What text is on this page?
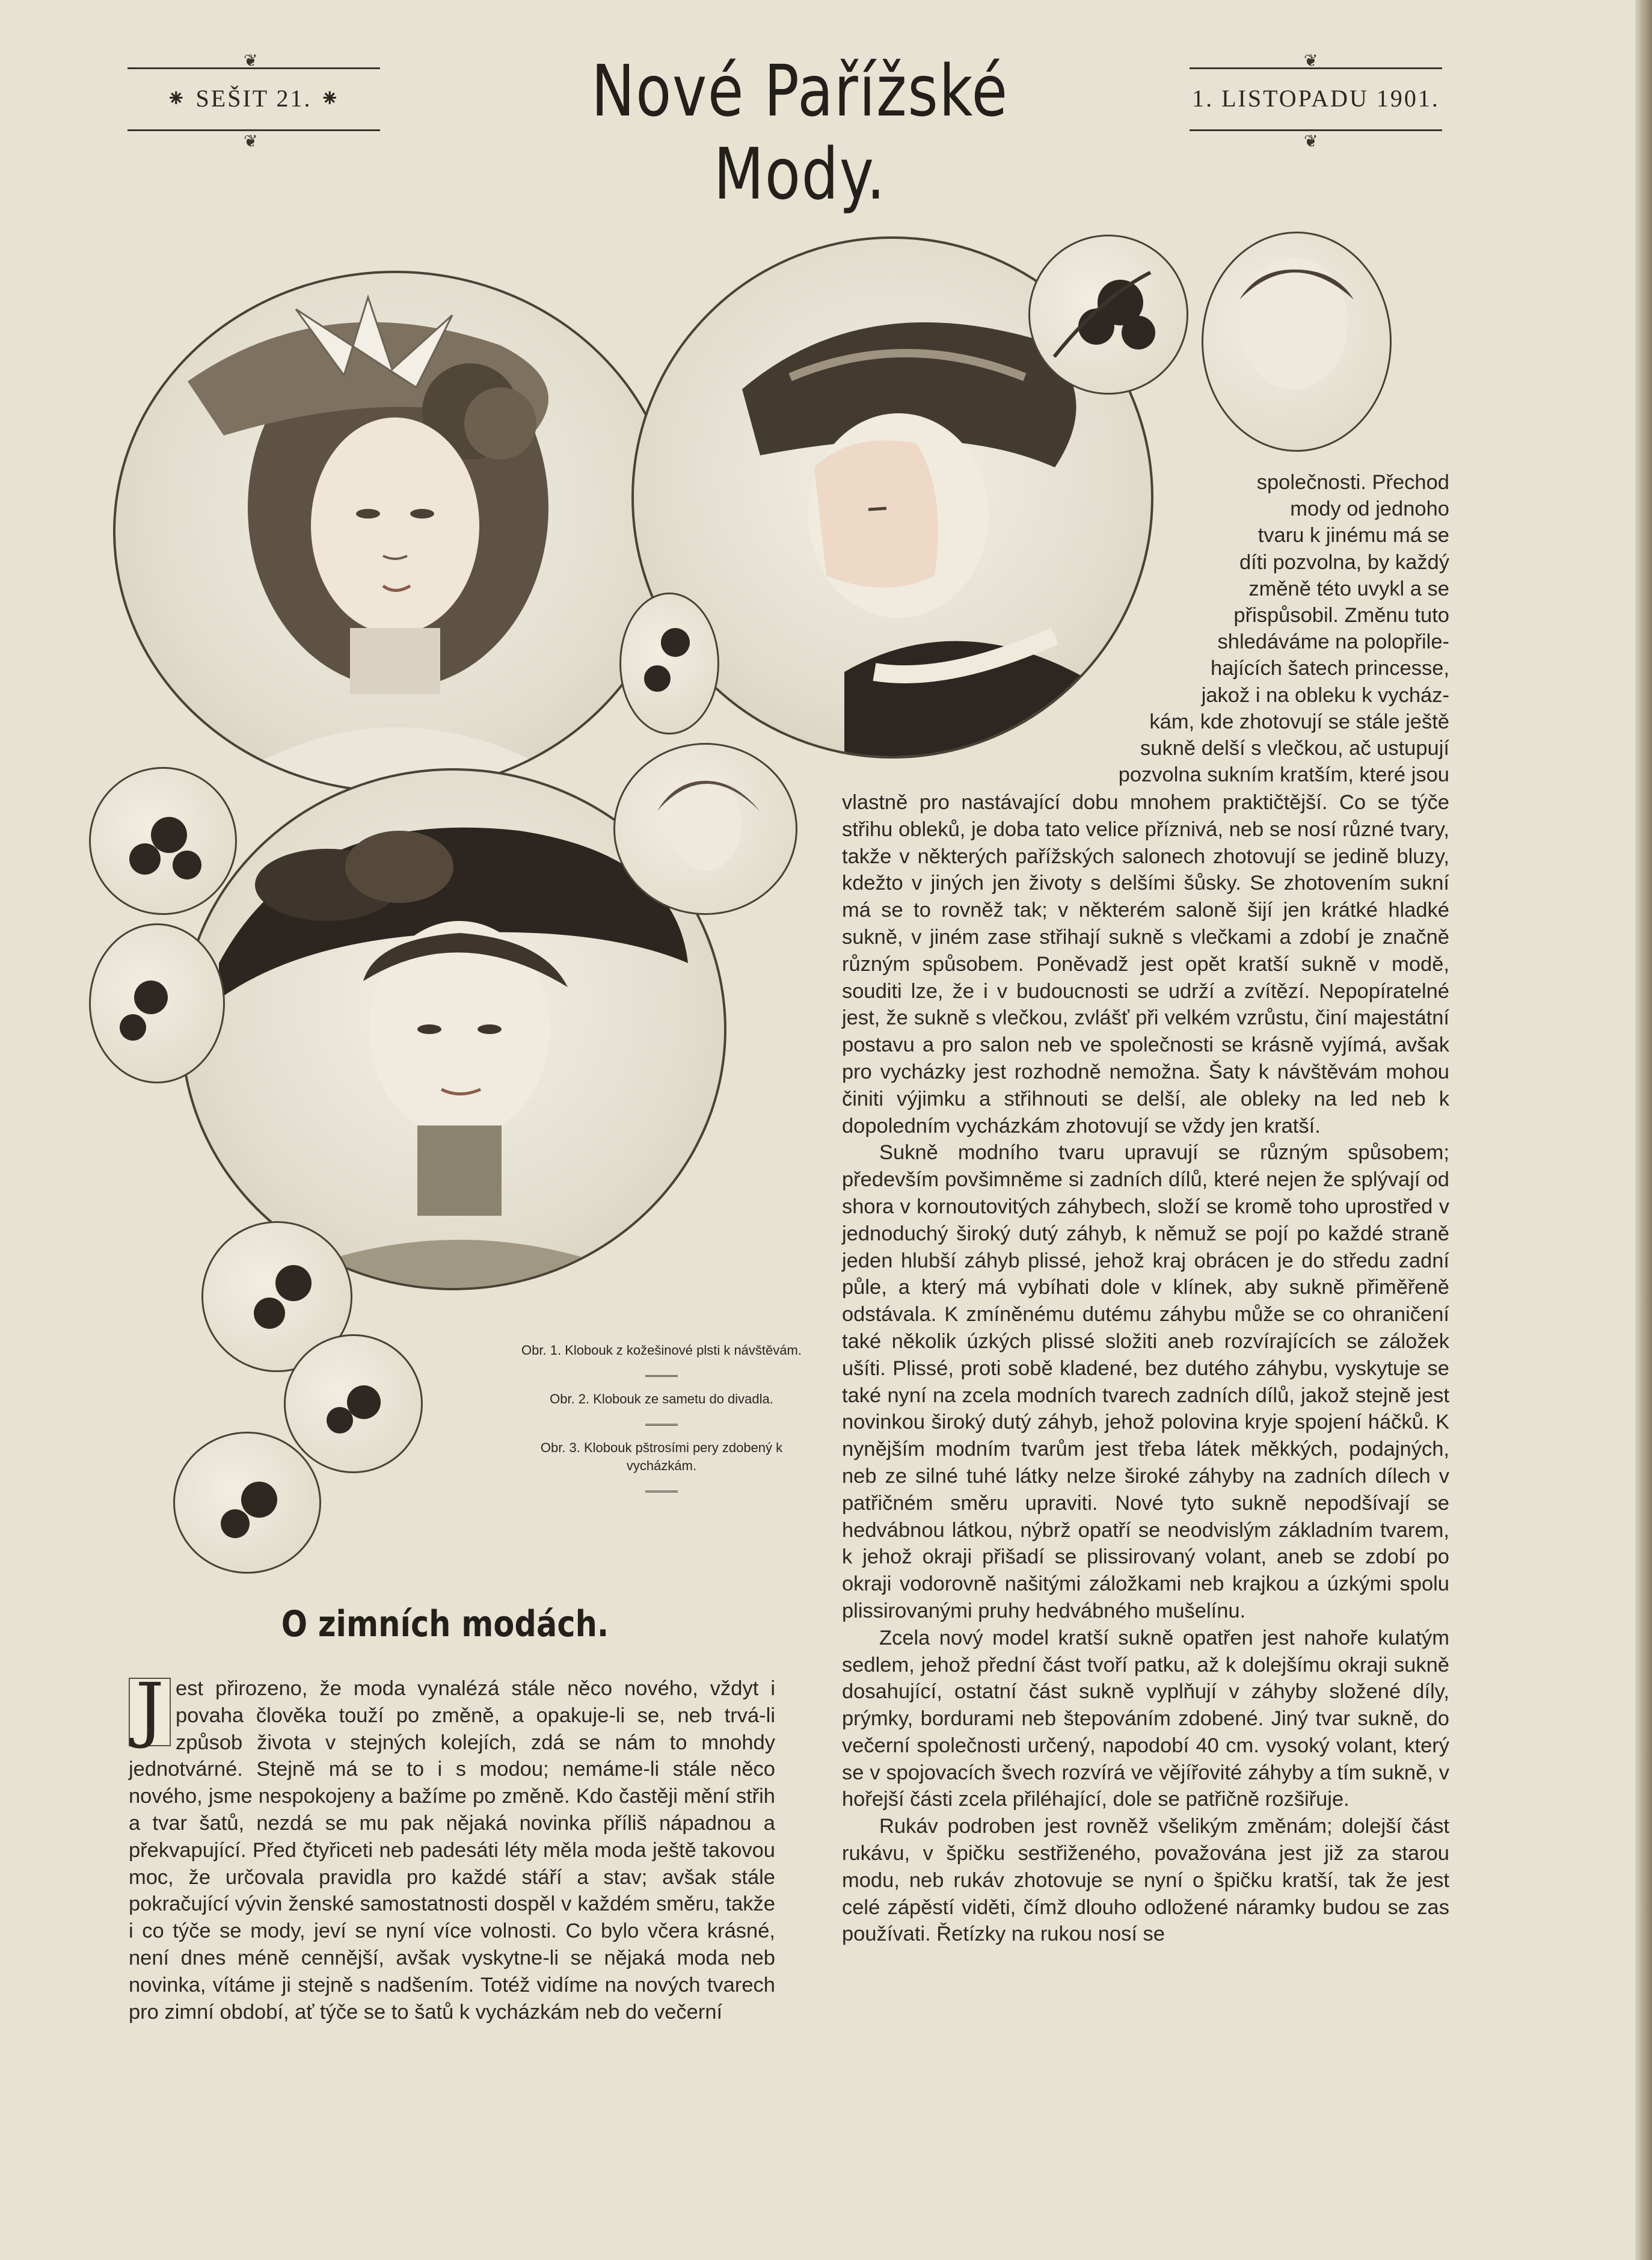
❦
❦
⁕ SEŠIT 21. ⁕	Nové Pařížské Mody.
❦
❦
1. LISTOPADU 1901.

Obr. 1. Klobouk z kožešinové plsti k návštěvám.

Obr. 2. Klobouk ze sametu do divadla.

Obr. 3. Klobouk pštrosími pery zdobený k vycházkám.

O zimních modách.

J est přirozeno, že moda vynalézá stále něco nového, vždyt i povaha člověka touží po změně, a opakuje-li se, neb trvá-li způsob života v stejných kolejích, zdá se nám to mnohdy jednotvárné. Stejně má se to i s modou; nemáme-li stále něco nového, jsme nespokojeny a bažíme po změně. Kdo častěji mění střih a tvar šatů, nezdá se mu pak nějaká novinka příliš nápadnou a překvapující. Před čtyřiceti neb padesáti léty měla moda ještě takovou moc, že určovala pravidla pro každé stáří a stav; avšak stále pokračující vývin ženské samostatnosti dospěl v každém směru, takže i co týče se mody, jeví se nyní více volnosti. Co bylo včera krásné, není dnes méně cennější, avšak vyskytne-li se nějaká moda neb novinka, vítáme ji stejně s nadšením. Totéž vidíme na nových tvarech pro zimní období, ať týče se to šatů k vycházkám neb do večerní

společnosti. Přechod
mody od jednoho
tvaru k jinému má se
díti pozvolna, by každý
změně této uvykl a se
přispůsobil. Změnu tuto
shledáváme na polopřile-
hajících šatech princesse,
jakož i na obleku k vycház-
kám, kde zhotovují se stále ještě
sukně delší s vlečkou, ač ustupují
pozvolna sukním kratším, které jsou

vlastně pro nastávající dobu mnohem praktičtější. Co se týče střihu obleků, je doba tato velice příznivá, neb se nosí různé tvary, takže v některých pařížských salonech zhotovují se jedině bluzy, kdežto v jiných jen životy s delšími šůsky. Se zhotovením sukní má se to rovněž tak; v některém saloně šijí jen krátké hladké sukně, v jiném zase střihají sukně s vlečkami a zdobí je značně různým spůsobem. Poněvadž jest opět kratší sukně v modě, souditi lze, že i v budoucnosti se udrží a zvítězí. Nepopíratelné jest, že sukně s vlečkou, zvlášť při velkém vzrůstu, činí majestátní postavu a pro salon neb ve společnosti se krásně vyjímá, avšak pro vycházky jest rozhodně nemožna. Šaty k návštěvám mohou činiti výjimku a střihnouti se delší, ale obleky na led neb k dopoledním vycházkám zhotovují se vždy jen kratší.

Sukně modního tvaru upravují se různým spůsobem; především povšimněme si zadních dílů, které nejen že splývají od shora v kornoutovitých záhybech, složí se kromě toho uprostřed v jednoduchý široký dutý záhyb, k němuž se pojí po každé straně jeden hlubší záhyb plissé, jehož kraj obrácen je do středu zadní půle, a který má vybíhati dole v klínek, aby sukně přiměřeně odstávala. K zmíněnému dutému záhybu může se co ohraničení také několik úzkých plissé složiti aneb rozvírajících se záložek ušíti. Plissé, proti sobě kladené, bez dutého záhybu, vyskytuje se také nyní na zcela modních tvarech zadních dílů, jakož stejně jest novinkou široký dutý záhyb, jehož polovina kryje spojení háčků. K nynějším modním tvarům jest třeba látek měkkých, podajných, neb ze silné tuhé látky nelze široké záhyby na zadních dílech v patřičném směru upraviti. Nové tyto sukně nepodšívají se hedvábnou látkou, nýbrž opatří se neodvislým základním tvarem, k jehož okraji přišadí se plissirovaný volant, aneb se zdobí po okraji vodorovně našitými záložkami neb krajkou a úzkými spolu plissirovanými pruhy hedvábného mušelínu.

Zcela nový model kratší sukně opatřen jest nahoře kulatým sedlem, jehož přední část tvoří patku, až k dolejšímu okraji sukně dosahující, ostatní část sukně vyplňují v záhyby složené díly, prýmky, bordurami neb štepováním zdobené. Jiný tvar sukně, do večerní společnosti určený, napodobí 40 cm. vysoký volant, který se v spojovacích švech rozvírá ve vějířovité záhyby a tím sukně, v hořejší části zcela přiléhající, dole se patřičně rozšiřuje.

Rukáv podroben jest rovněž všelikým změnám; dolejší část rukávu, v špičku sestřiženého, považována jest již za starou modu, neb rukáv zhotovuje se nyní o špičku kratší, tak že jest celé zápěstí viděti, čímž dlouho odložené náramky budou se zas používati. Řetízky na rukou nosí se
